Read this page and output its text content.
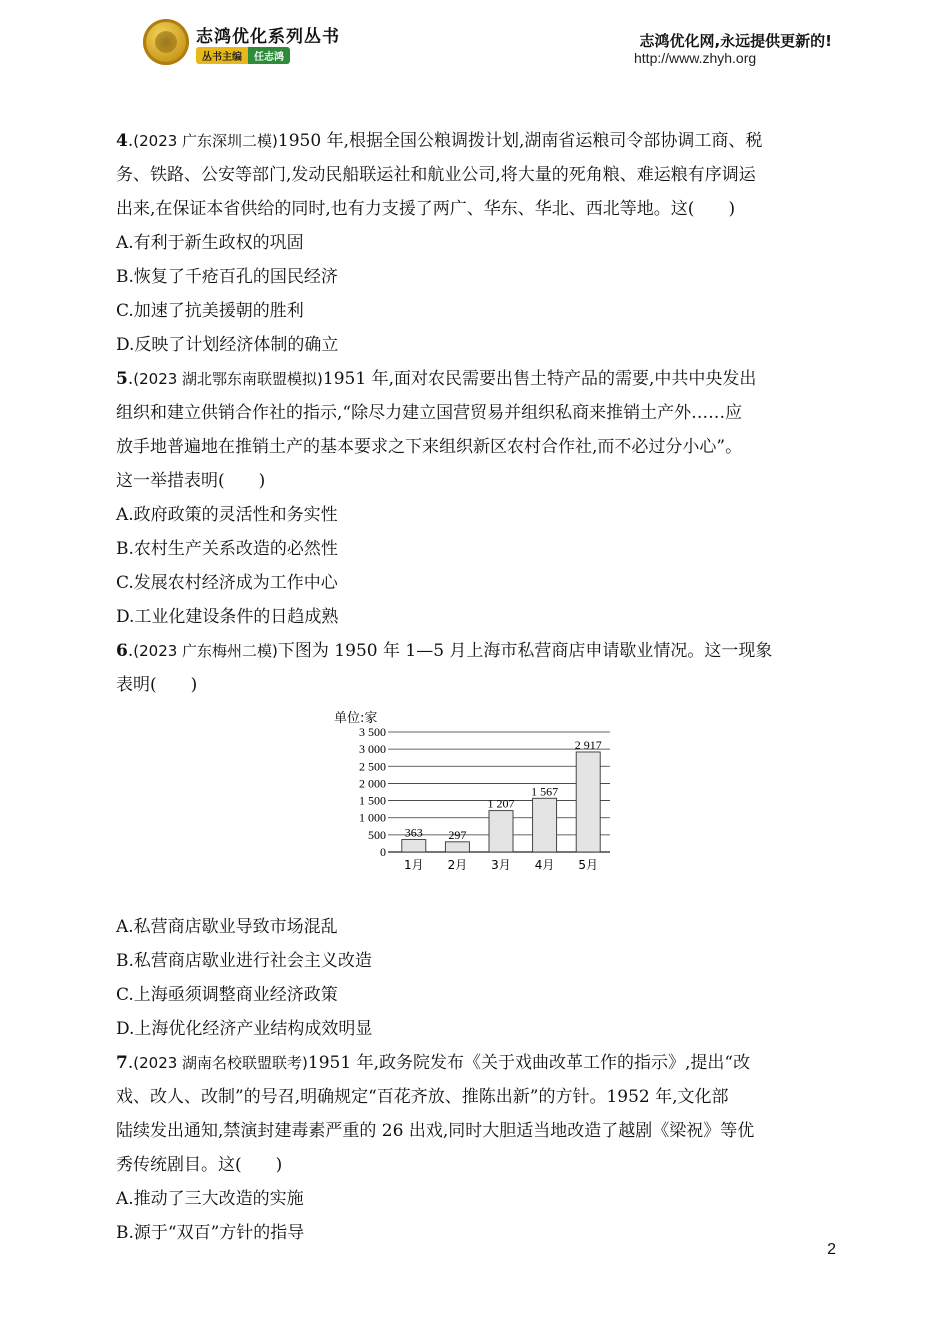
志鸿优化系列丛书
丛书主编 任志鸿
志鸿优化网,永远提供更新的!
http://www.zhyh.org

4.(2023 广东深圳二模)1950 年,根据全国公粮调拨计划,湖南省运粮司令部协调工商、税

务、铁路、公安等部门,发动民船联运社和航业公司,将大量的死角粮、难运粮有序调运

出来,在保证本省供给的同时,也有力支援了两广、华东、华北、西北等地。这(　　)

A.有利于新生政权的巩固

B.恢复了千疮百孔的国民经济

C.加速了抗美援朝的胜利

D.反映了计划经济体制的确立

5.(2023 湖北鄂东南联盟模拟)1951 年,面对农民需要出售土特产品的需要,中共中央发出

组织和建立供销合作社的指示,“除尽力建立国营贸易并组织私商来推销土产外……应

放手地普遍地在推销土产的基本要求之下来组织新区农村合作社,而不必过分小心”。

这一举措表明(　　)

A.政府政策的灵活性和务实性

B.农村生产关系改造的必然性

C.发展农村经济成为工作中心

D.工业化建设条件的日趋成熟

6.(2023 广东梅州二模)下图为 1950 年 1—5 月上海市私营商店申请歇业情况。这一现象

表明(　　)

单位:家
0
500
1 000
1 500
2 000
2 500
3 000
3 500
363 297
1 207
1 567
2 917
1月 2月 3月 4月 5月

A.私营商店歇业导致市场混乱

B.私营商店歇业进行社会主义改造

C.上海亟须调整商业经济政策

D.上海优化经济产业结构成效明显

7.(2023 湖南名校联盟联考)1951 年,政务院发布《关于戏曲改革工作的指示》,提出“改

戏、改人、改制”的号召,明确规定“百花齐放、推陈出新”的方针。1952 年,文化部

陆续发出通知,禁演封建毒素严重的 26 出戏,同时大胆适当地改造了越剧《梁祝》等优

秀传统剧目。这(　　)

A.推动了三大改造的实施

B.源于“双百”方针的指导

2
